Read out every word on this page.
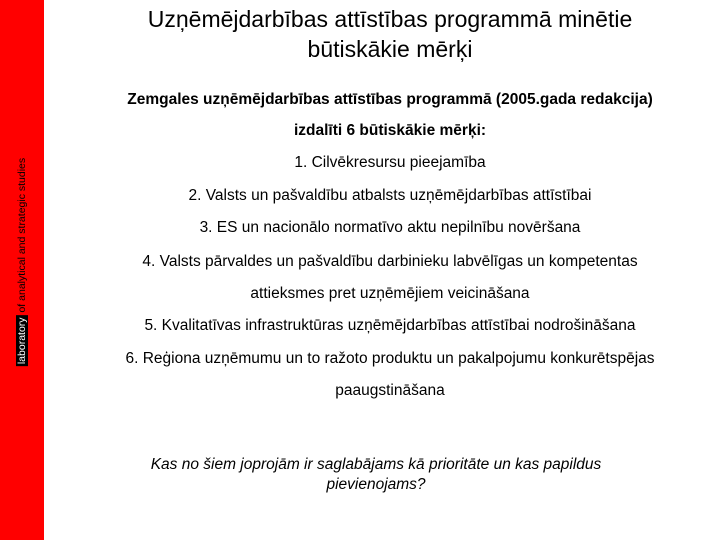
laboratory of analytical and strategic studies
Uzņēmējdarbības attīstības programmā minētie
būtiskākie mērķi
Zemgales uzņēmējdarbības attīstības programmā (2005.gada redakcija)
izdalīti 6 būtiskākie mērķi:
1. Cilvēkresursu pieejamība
2. Valsts un pašvaldību atbalsts uzņēmējdarbības attīstībai
3. ES un nacionālo normatīvo aktu nepilnību novēršana
4. Valsts pārvaldes un pašvaldību darbinieku labvēlīgas un kompetentas
attieksmes pret uzņēmējiem veicināšana
5. Kvalitatīvas infrastruktūras uzņēmējdarbības attīstībai nodrošināšana
6. Reģiona uzņēmumu un to ražoto produktu un pakalpojumu konkurētspējas
paaugstināšana
Kas no šiem joprojām ir saglabājams kā prioritāte un kas papildus
pievienojams?
